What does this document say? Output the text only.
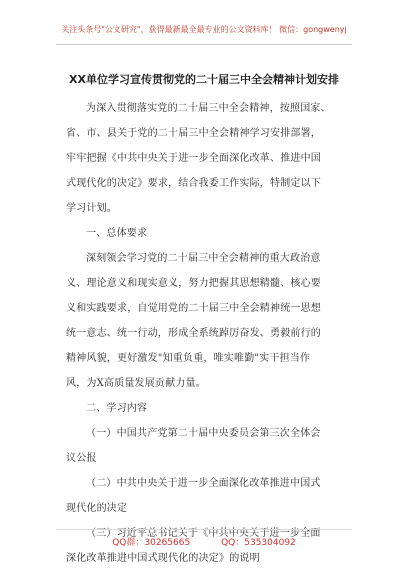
关注头条号"公文研究"，获得最新最全最专业的公文资料库！ 微信：gongwenyj
XX单位学习宣传贯彻党的二十届三中全会精神计划安排
为深入贯彻落实党的二十届三中全会精神，按照国家、
省、市、县关于党的二十届三中全会精神学习安排部署，
牢牢把握《中共中央关于进一步全面深化改革、推进中国
式现代化的决定》要求，结合我委工作实际，特制定以下
学习计划。
一、总体要求
深刻领会学习党的二十届三中全会精神的重大政治意
义、理论意义和现实意义，努力把握其思想精髓、核心要
义和实践要求，自觉用党的二十届三中全会精神统一思想
统一意志、统一行动，形成全系统踔厉奋发、勇毅前行的
精神风貌，更好激发"知重负重，唯实唯勤"实干担当作
风，为X高质量发展贡献力量。
二、学习内容
（一）中国共产党第二十届中央委员会第三次全体会
议公报
（二）中共中央关于进一步全面深化改革推进中国式
现代化的决定
（三）习近平总书记关于《中共中央关于进一步全面
深化改革推进中国式现代化的决定》的说明
QQ群：30265665	QQ：535304092
